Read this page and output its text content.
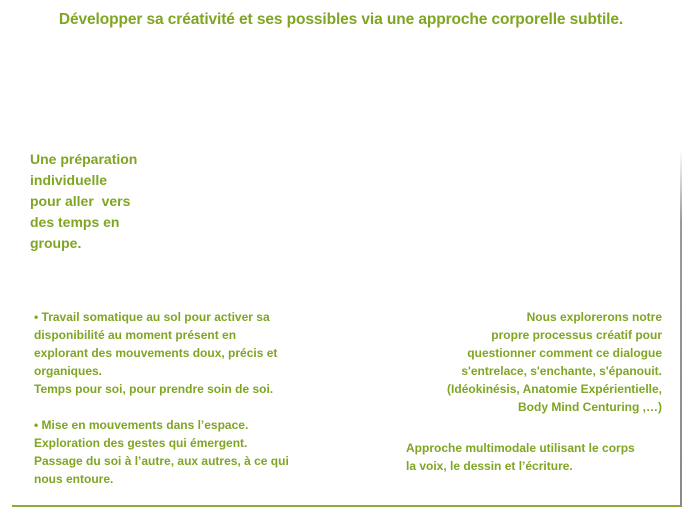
Développer sa créativité et ses possibles via une approche corporelle subtile.
Une préparation
individuelle
pour aller  vers
des temps en
groupe.
• Travail somatique au sol pour activer sa
disponibilité au moment présent en
explorant des mouvements doux, précis et
organiques.
Temps pour soi, pour prendre soin de soi.
• Mise en mouvements dans l’espace.
Exploration des gestes qui émergent.
Passage du soi à l’autre, aux autres, à ce qui
nous entoure.
Nous explorerons notre
propre processus créatif pour
questionner comment ce dialogue
s'entrelace, s'enchante, s'épanouit.
(Idéokinésis, Anatomie Expérientielle,
Body Mind Centuring ,…)
Approche multimodale utilisant le corps
la voix, le dessin et l’écriture.
